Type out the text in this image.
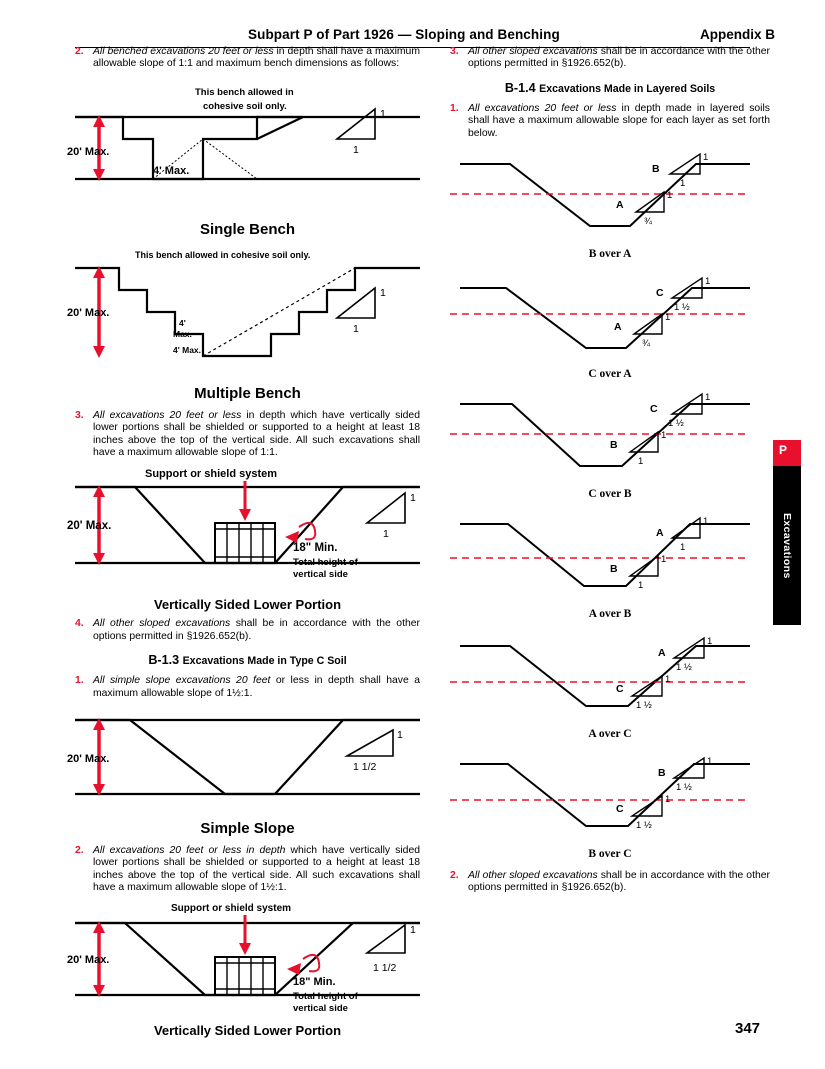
Subpart P of Part 1926 — Sloping and Benching	Appendix B
2. All benched excavations 20 feet or less in depth shall have a maximum allowable slope of 1:1 and maximum bench dimensions as follows:
This bench allowed in
cohesive soil only.
20' Max.
4' Max.
1
1
Single Bench
This bench allowed in cohesive soil only.
20' Max.
4'
Max.
4' Max.
1
1
Multiple Bench
3. All excavations 20 feet or less in depth which have vertically sided lower portions shall be shielded or supported to a height at least 18 inches above the top of the vertical side. All such excavations shall have a maximum allowable slope of 1:1.
Support or shield system
20' Max.
18" Min.
Total height of
vertical side
1
1
Vertically Sided Lower Portion
4. All other sloped excavations shall be in accordance with the other options permitted in §1926.652(b).
B-1.3 Excavations Made in Type C Soil
1. All simple slope excavations 20 feet or less in depth shall have a maximum allowable slope of 1½:1.
20' Max.
1
1 1/2
Simple Slope
2. All excavations 20 feet or less in depth which have vertically sided lower portions shall be shielded or supported to a height at least 18 inches above the top of the vertical side. All such excavations shall have a maximum allowable slope of 1½:1.
Support or shield system
20' Max.
18" Min.
Total height of
vertical side
1
1 1/2
Vertically Sided Lower Portion
3. All other sloped excavations shall be in accordance with the other options permitted in §1926.652(b).
B-1.4 Excavations Made in Layered Soils
1. All excavations 20 feet or less in depth made in layered soils shall have a maximum allowable slope for each layer as set forth below.
B
1
1
A
1
¾
B over A
C
1
1 ½
A
1
¾
C over A
C
1
1 ½
B
1
1
C over B
A
1
1
B
1
1
A over B
A
1
1 ½
C
1
1 ½
A over C
B
1
1 ½
C
1
1 ½
B over C
2. All other sloped excavations shall be in accordance with the other options permitted in §1926.652(b).
P
Excavations
347
